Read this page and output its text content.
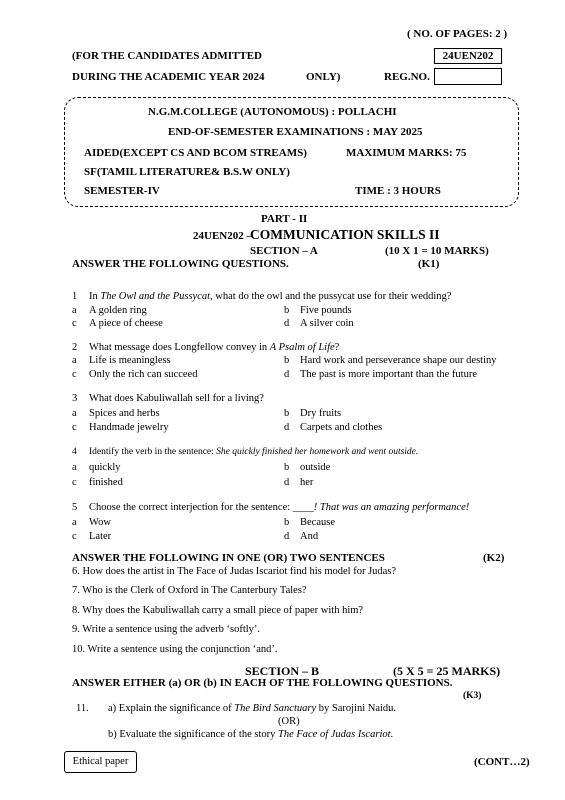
( NO. OF PAGES: 2 )
(FOR THE CANDIDATES ADMITTED	24UEN202
DURING THE ACADEMIC YEAR 2024	ONLY)	REG.NO.
N.G.M.COLLEGE (AUTONOMOUS) : POLLACHI
END-OF-SEMESTER EXAMINATIONS : MAY 2025
AIDED(EXCEPT CS AND BCOM STREAMS)	MAXIMUM MARKS: 75
SF(TAMIL LITERATURE& B.S.W ONLY)
SEMESTER-IV	TIME : 3 HOURS
PART - II
24UEN202 –
COMMUNICATION SKILLS II
SECTION – A	(10 X 1 = 10 MARKS)
ANSWER THE FOLLOWING QUESTIONS.	(K1)
1 In The Owl and the Pussycat, what do the owl and the pussycat use for their wedding?
a A golden ring	b Five pounds
c A piece of cheese	d A silver coin
2 What message does Longfellow convey in A Psalm of Life?
a Life is meaningless	b Hard work and perseverance shape our destiny
c Only the rich can succeed	d The past is more important than the future
3 What does Kabuliwallah sell for a living?
a Spices and herbs	b Dry fruits
c Handmade jewelry	d Carpets and clothes
4 Identify the verb in the sentence: She quickly finished her homework and went outside.
a quickly	b outside
c finished	d her
5 Choose the correct interjection for the sentence: ____! That was an amazing performance!
a Wow	b Because
c Later	d And
ANSWER THE FOLLOWING IN ONE (OR) TWO SENTENCES	(K2)
6. How does the artist in The Face of Judas Iscariot find his model for Judas?
7. Who is the Clerk of Oxford in The Canterbury Tales?
8. Why does the Kabuliwallah carry a small piece of paper with him?
9. Write a sentence using the adverb ‘softly’.
10. Write a sentence using the conjunction ‘and’.
SECTION – B	(5 X 5 = 25 MARKS)
ANSWER EITHER (a) OR (b) IN EACH OF THE FOLLOWING QUESTIONS.
(K3)
11. a) Explain the significance of The Bird Sanctuary by Sarojini Naidu.
(OR)
b) Evaluate the significance of the story The Face of Judas Iscariot.
Ethical paper	(CONT…2)
